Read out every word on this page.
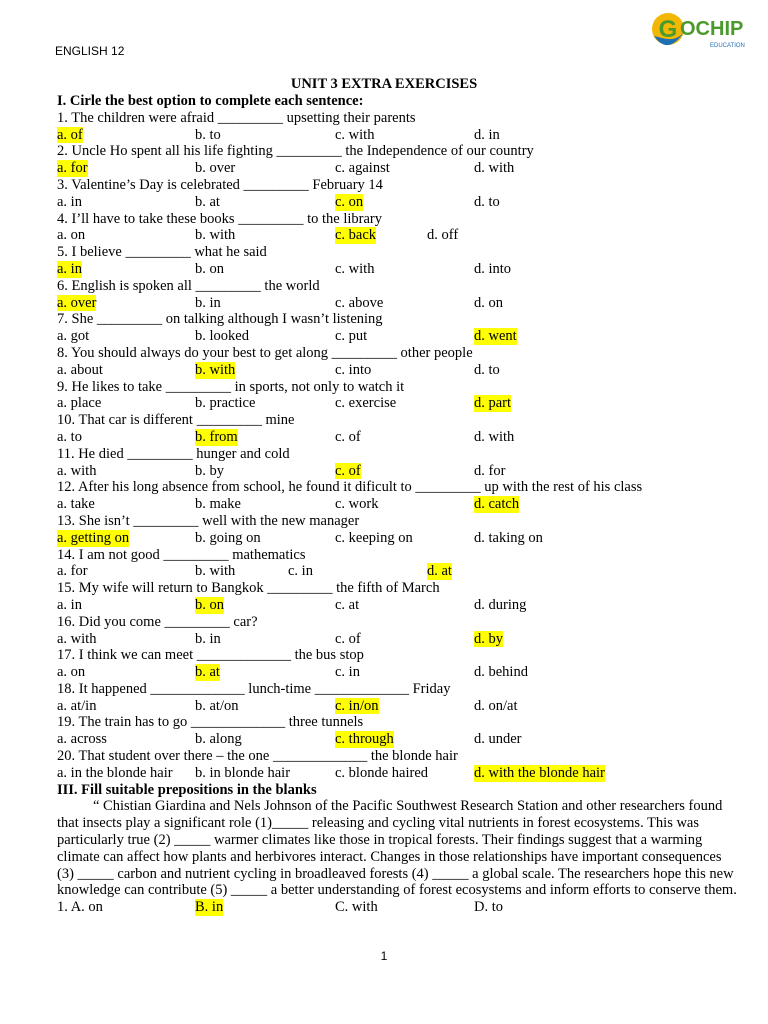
ENGLISH 12
G OCHIP
EDUCATION
UNIT 3 EXTRA EXERCISES
I. Cirle the best option to complete each sentence:
1. The children were afraid _________ upsetting their parents
a. of	b. to	c. with	d. in
2. Uncle Ho spent all his life fighting _________ the Independence of our country
a. for	b. over	c. against	d. with
3. Valentine’s Day is celebrated _________ February 14
a. in	b. at	c. on	d. to
4. I’ll have to take these books _________ to the library
a. on	b. with	c. back	d. off
5. I believe _________ what he said
a. in	b. on	c. with	d. into
6. English is spoken all _________ the world
a. over	b. in	c. above	d. on
7. She _________ on talking although I wasn’t listening
a. got	b. looked	c. put	d. went
8. You should always do your best to get along _________ other people
a. about	b. with	c. into	d. to
9. He likes to take _________ in sports, not only to watch it
a. place	b. practice	c. exercise	d. part
10. That car is different _________ mine
a. to	b. from	c. of	d. with
11. He died _________ hunger and cold
a. with	b. by	c. of	d. for
12. After his long absence from school, he found it dificult to _________ up with the rest of his class
a. take	b. make	c. work	d. catch
13. She isn’t _________ well with the new manager
a. getting on	b. going on	c. keeping on	d. taking on
14. I am not good _________ mathematics
a. for	b. with	c. in	d. at
15. My wife will return to Bangkok _________ the fifth of March
a. in	b. on	c. at	d. during
16. Did you come _________ car?
a. with	b. in	c. of	d. by
17. I think we can meet _____________ the bus stop
a. on	b. at	c. in	d. behind
18. It happened _____________ lunch-time _____________ Friday
a. at/in	b. at/on	c. in/on	d. on/at
19. The train has to go _____________ three tunnels
a. across	b. along	c. through	d. under
20. That student over there – the one _____________ the blonde hair
a. in the blonde hair b. in blonde hair	c. blonde haired	d. with the blonde hair
III. Fill suitable prepositions in the blanks
“ Chistian Giardina and Nels Johnson of the Pacific Southwest Research Station and other researchers found that insects play a significant role (1)_____ releasing and cycling vital nutrients in forest ecosystems. This was particularly true (2) _____ warmer climates like those in tropical forests. Their findings suggest that a warming climate can affect how plants and herbivores interact. Changes in those relationships have important consequences (3) _____ carbon and nutrient cycling in broadleaved forests (4) _____ a global scale. The researchers hope this new knowledge can contribute (5) _____ a better understanding of forest ecosystems and inform efforts to conserve them.
1. A. on	B. in	C. with	D. to
1
